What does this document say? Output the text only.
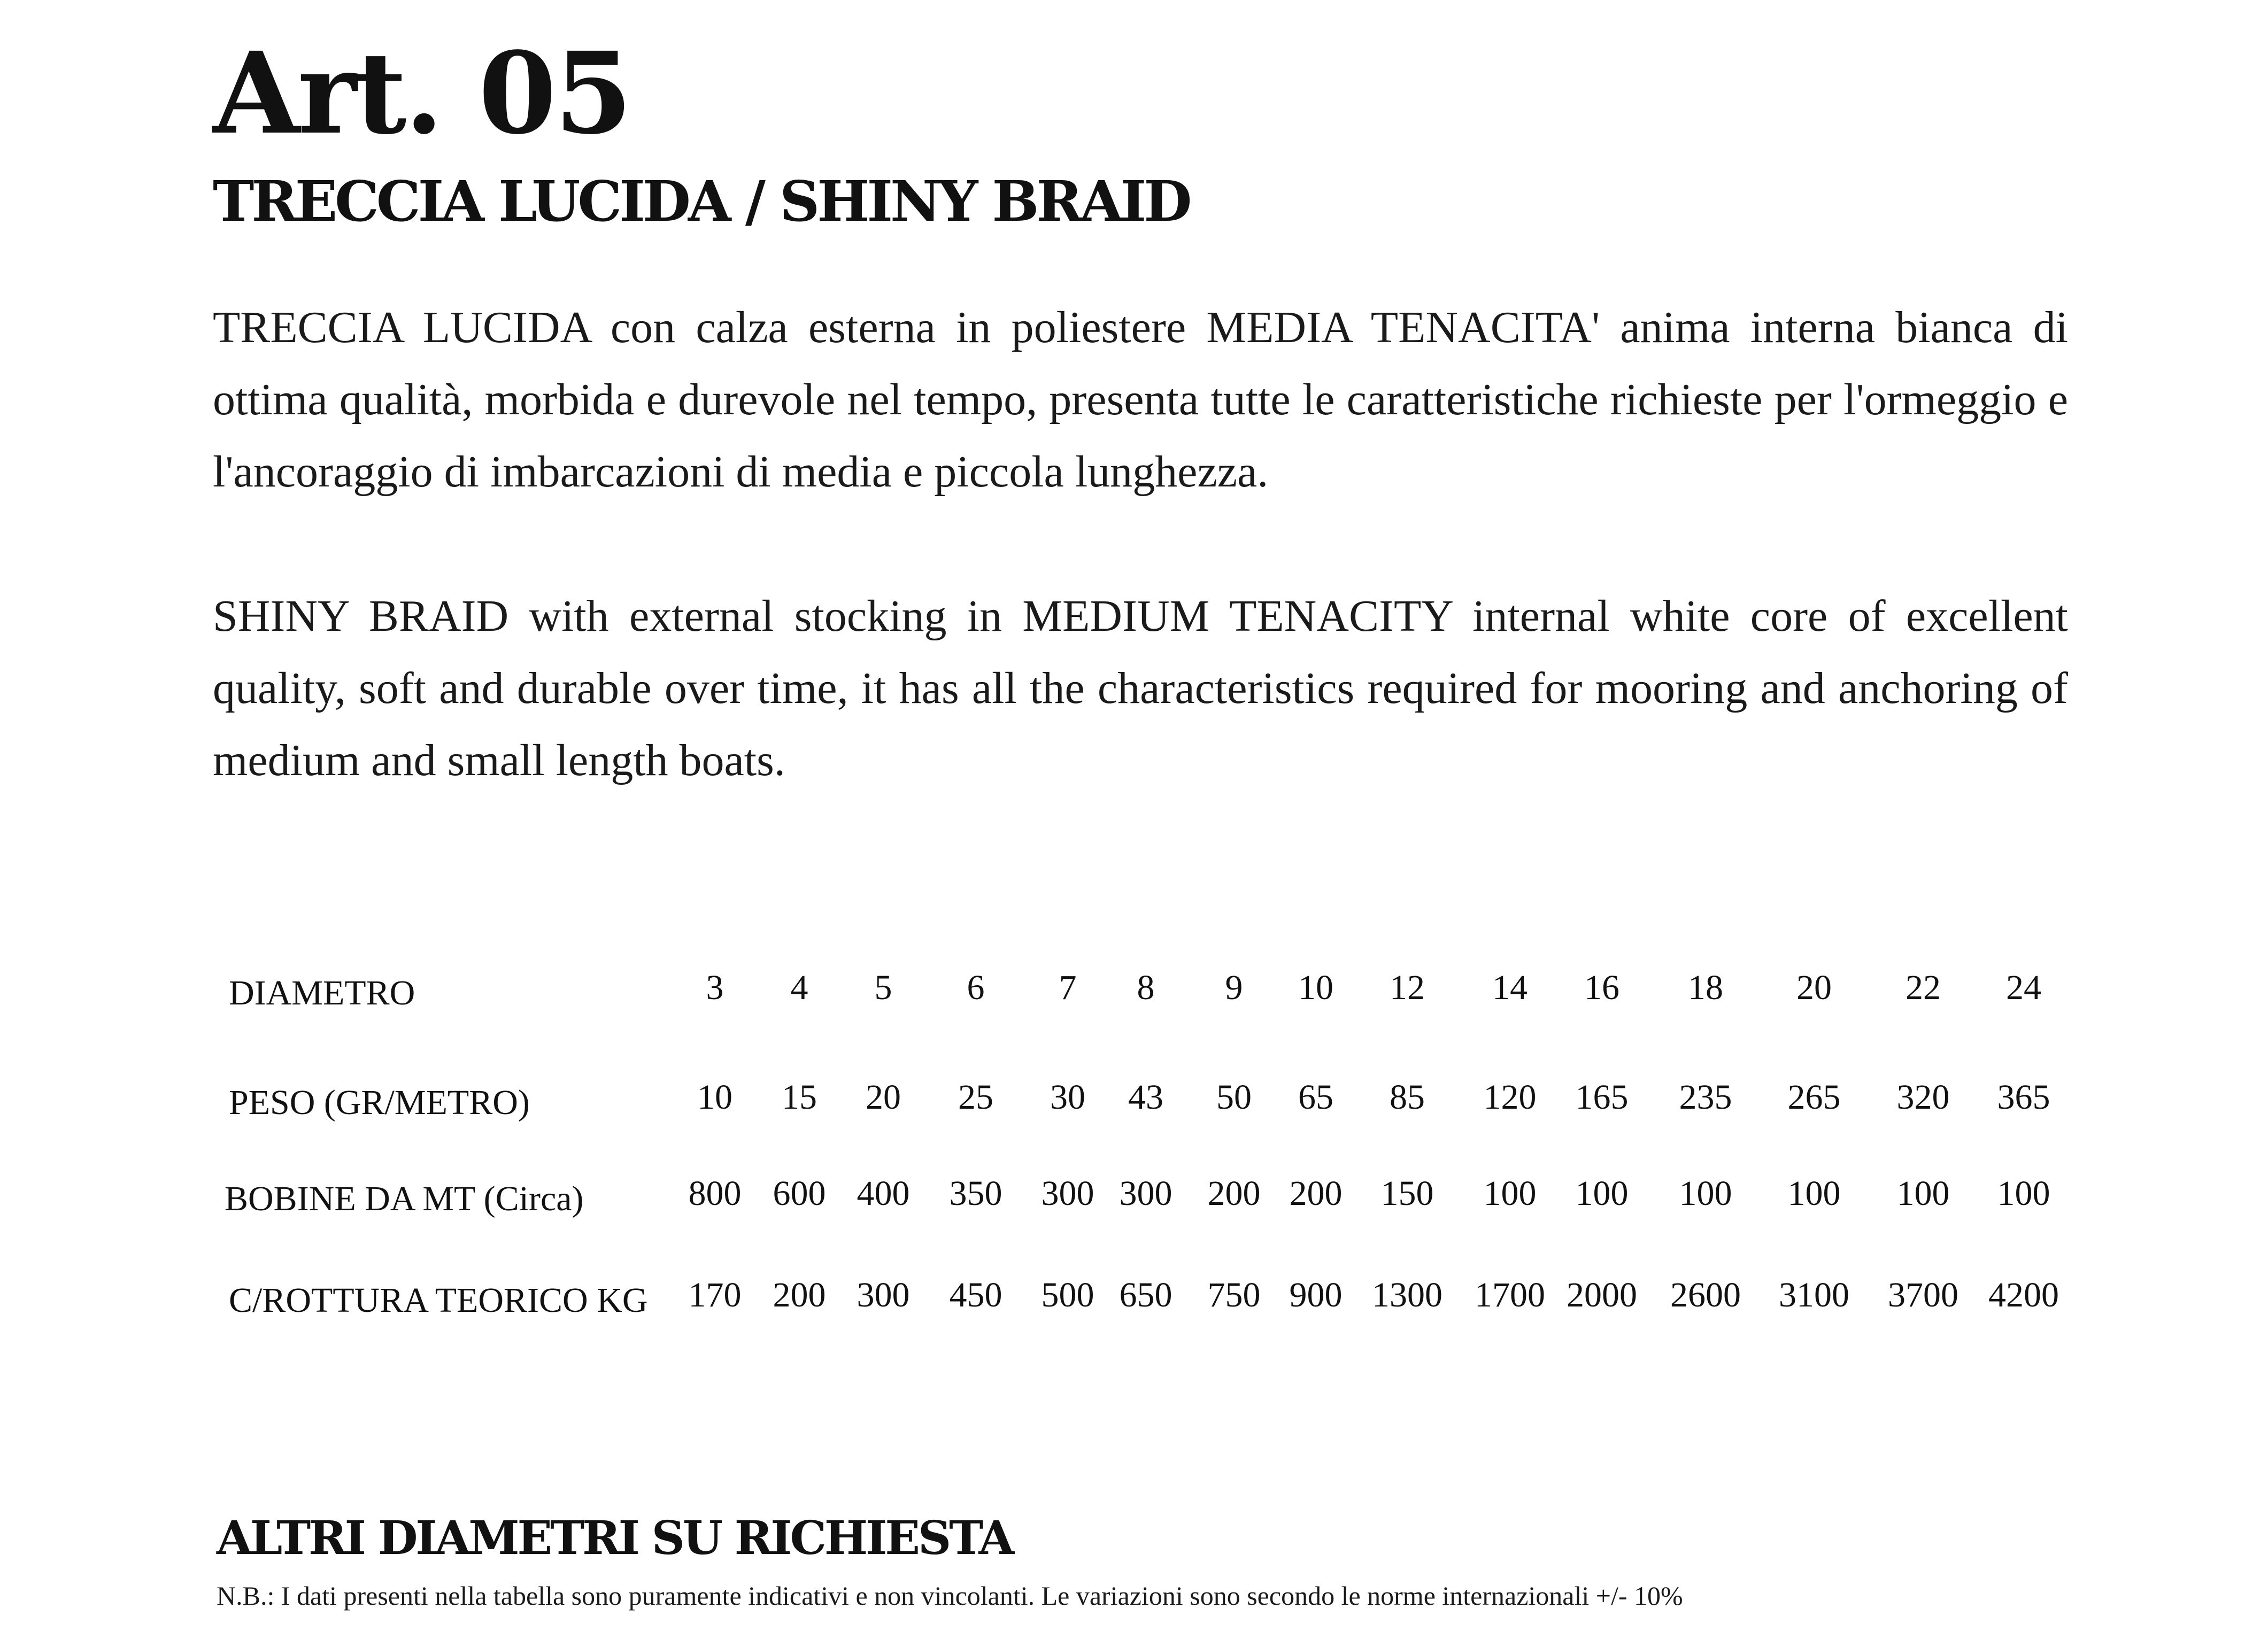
Art. 05
TRECCIA LUCIDA / SHINY BRAID

TRECCIA LUCIDA con calza esterna in poliestere MEDIA TENACITA' anima interna bianca di ottima qualità, morbida e durevole nel tempo, presenta tutte le caratteristiche richieste per l'ormeggio e l'ancoraggio di imbarcazioni di media e piccola lunghezza.

SHINY BRAID with external stocking in MEDIUM TENACITY internal white core of excellent quality, soft and durable over time, it has all the characteristics required for mooring and anchoring of medium and small length boats.

DIAMETRO	3 4 5 6 7 8 9 10 12 14 16 18 20 22 24
PESO (GR/METRO)	10 15 20 25 30 43 50 65 85 120 165 235 265 320 365
BOBINE DA MT (Circa)	800 600 400 350 300 300 200 200 150 100 100 100 100 100 100
C/ROTTURA TEORICO KG 170 200 300 450 500 650 750 900 1300 1700 2000 2600 3100 3700 4200
ALTRI DIAMETRI SU RICHIESTA

N.B.: I dati presenti nella tabella sono puramente indicativi e non vincolanti. Le variazioni sono secondo le norme internazionali +/- 10%
